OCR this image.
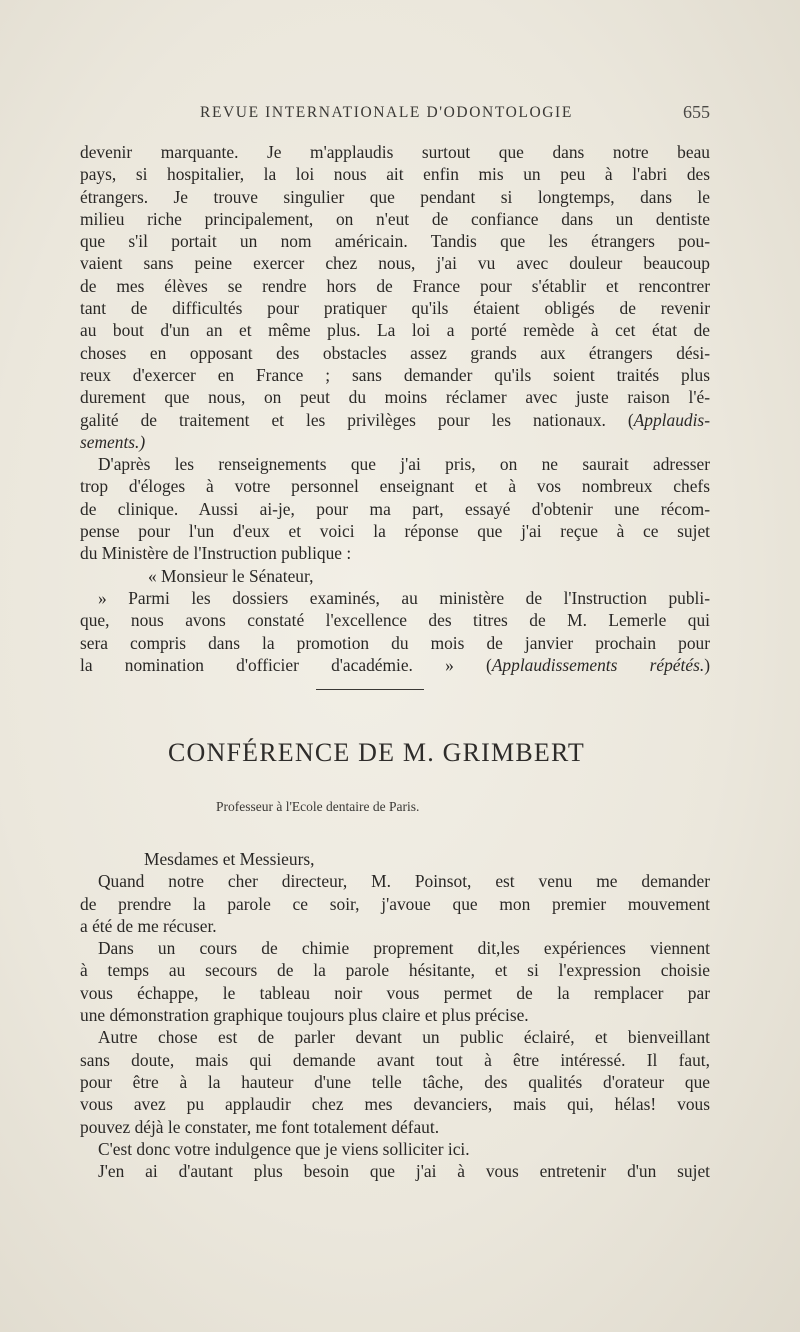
REVUE INTERNATIONALE D'ODONTOLOGIE	655
devenir marquante. Je m'applaudis surtout que dans notre beau
pays, si hospitalier, la loi nous ait enfin mis un peu à l'abri des
étrangers. Je trouve singulier que pendant si longtemps, dans le
milieu riche principalement, on n'eut de confiance dans un dentiste
que s'il portait un nom américain. Tandis que les étrangers pou-
vaient sans peine exercer chez nous, j'ai vu avec douleur beaucoup
de mes élèves se rendre hors de France pour s'établir et rencontrer
tant de difficultés pour pratiquer qu'ils étaient obligés de revenir
au bout d'un an et même plus. La loi a porté remède à cet état de
choses en opposant des obstacles assez grands aux étrangers dési-
reux d'exercer en France ; sans demander qu'ils soient traités plus
durement que nous, on peut du moins réclamer avec juste raison l'é-
galité de traitement et les privilèges pour les nationaux. (Applaudis-
sements.)
D'après les renseignements que j'ai pris, on ne saurait adresser
trop d'éloges à votre personnel enseignant et à vos nombreux chefs
de clinique. Aussi ai-je, pour ma part, essayé d'obtenir une récom-
pense pour l'un d'eux et voici la réponse que j'ai reçue à ce sujet
du Ministère de l'Instruction publique :
« Monsieur le Sénateur,
» Parmi les dossiers examinés, au ministère de l'Instruction publi-
que, nous avons constaté l'excellence des titres de M. Lemerle qui
sera compris dans la promotion du mois de janvier prochain pour
la nomination d'officier d'académie. » (Applaudissements répétés.)
CONFÉRENCE DE M. GRIMBERT
Professeur à l'Ecole dentaire de Paris.
Mesdames et Messieurs,
Quand notre cher directeur, M. Poinsot, est venu me demander
de prendre la parole ce soir, j'avoue que mon premier mouvement
a été de me récuser.
Dans un cours de chimie proprement dit,les expériences viennent
à temps au secours de la parole hésitante, et si l'expression choisie
vous échappe, le tableau noir vous permet de la remplacer par
une démonstration graphique toujours plus claire et plus précise.
Autre chose est de parler devant un public éclairé, et bienveillant
sans doute, mais qui demande avant tout à être intéressé. Il faut,
pour être à la hauteur d'une telle tâche, des qualités d'orateur que
vous avez pu applaudir chez mes devanciers, mais qui, hélas! vous
pouvez déjà le constater, me font totalement défaut.
C'est donc votre indulgence que je viens solliciter ici.
J'en ai d'autant plus besoin que j'ai à vous entretenir d'un sujet
